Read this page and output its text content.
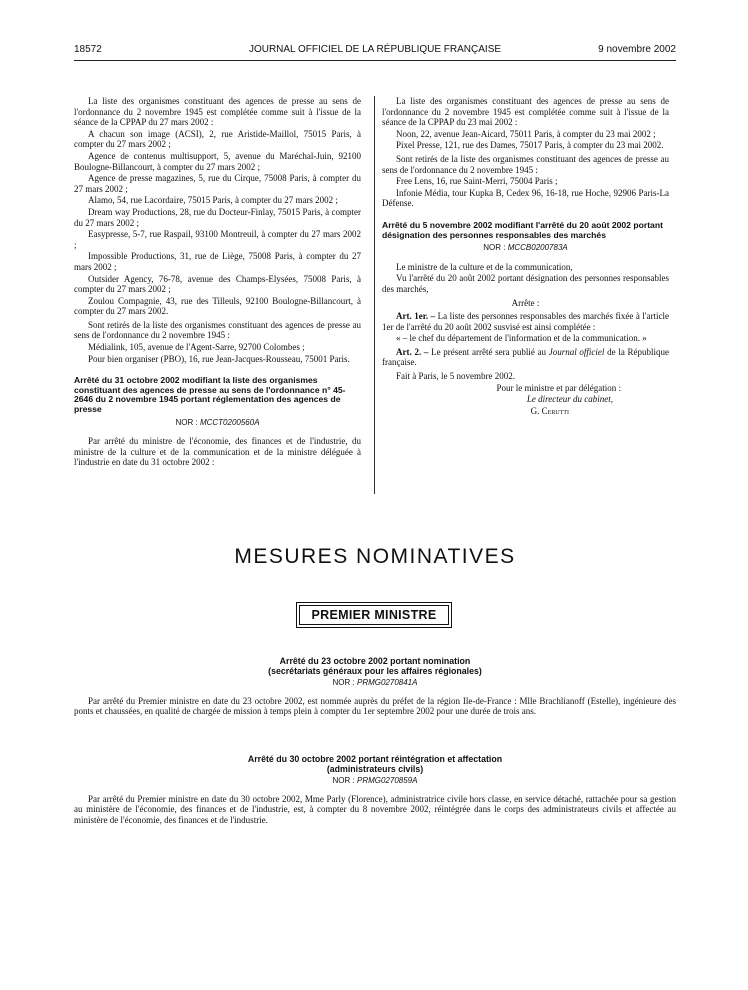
18572	JOURNAL OFFICIEL DE LA RÉPUBLIQUE FRANÇAISE	9 novembre 2002

La liste des organismes constituant des agences de presse au sens de l'ordonnance du 2 novembre 1945 est complétée comme suit à l'issue de la séance de la CPPAP du 27 mars 2002 :

A chacun son image (ACSI), 2, rue Aristide-Maillol, 75015 Paris, à compter du 27 mars 2002 ;

Agence de contenus multisupport, 5, avenue du Maréchal-Juin, 92100 Boulogne-Billancourt, à compter du 27 mars 2002 ;

Agence de presse magazines, 5, rue du Cirque, 75008 Paris, à compter du 27 mars 2002 ;

Alamo, 54, rue Lacordaire, 75015 Paris, à compter du 27 mars 2002 ;

Dream way Productions, 28, rue du Docteur-Finlay, 75015 Paris, à compter du 27 mars 2002 ;

Easypresse, 5-7, rue Raspail, 93100 Montreuil, à compter du 27 mars 2002 ;

Impossible Productions, 31, rue de Liège, 75008 Paris, à compter du 27 mars 2002 ;

Outsider Agency, 76-78, avenue des Champs-Elysées, 75008 Paris, à compter du 27 mars 2002 ;

Zoulou Compagnie, 43, rue des Tilleuls, 92100 Boulogne-Billancourt, à compter du 27 mars 2002.

Sont retirés de la liste des organismes constituant des agences de presse au sens de l'ordonnance du 2 novembre 1945 :

Médialink, 105, avenue de l'Agent-Sarre, 92700 Colombes ;

Pour bien organiser (PBO), 16, rue Jean-Jacques-Rousseau, 75001 Paris.

Arrêté du 31 octobre 2002 modifiant la liste des organismes constituant des agences de presse au sens de l'ordonnance n° 45-2646 du 2 novembre 1945 portant réglementation des agences de presse
NOR : MCCT0200560A

Par arrêté du ministre de l'économie, des finances et de l'industrie, du ministre de la culture et de la communication et de la ministre déléguée à l'industrie en date du 31 octobre 2002 :

La liste des organismes constituant des agences de presse au sens de l'ordonnance du 2 novembre 1945 est complétée comme suit à l'issue de la séance de la CPPAP du 23 mai 2002 :

Noon, 22, avenue Jean-Aicard, 75011 Paris, à compter du 23 mai 2002 ;

Pixel Presse, 121, rue des Dames, 75017 Paris, à compter du 23 mai 2002.

Sont retirés de la liste des organismes constituant des agences de presse au sens de l'ordonnance du 2 novembre 1945 :

Free Lens, 16, rue Saint-Merri, 75004 Paris ;

Infonie Média, tour Kupka B, Cedex 96, 16-18, rue Hoche, 92906 Paris-La Défense.

Arrêté du 5 novembre 2002 modifiant l'arrêté du 20 août 2002 portant désignation des personnes responsables des marchés
NOR : MCCB0200783A

Le ministre de la culture et de la communication,

Vu l'arrêté du 20 août 2002 portant désignation des personnes responsables des marchés,

Arrête :

Art. 1er. – La liste des personnes responsables des marchés fixée à l'article 1er de l'arrêté du 20 août 2002 susvisé est ainsi complétée :

« – le chef du département de l'information et de la communication. »

Art. 2. – Le présent arrêté sera publié au Journal officiel de la République française.

Fait à Paris, le 5 novembre 2002.

Pour le ministre et par délégation :

Le directeur du cabinet,

G. Cerutti

MESURES NOMINATIVES
PREMIER MINISTRE
Arrêté du 23 octobre 2002 portant nomination
(secrétariats généraux pour les affaires régionales)
NOR : PRMG0270841A

Par arrêté du Premier ministre en date du 23 octobre 2002, est nommée auprès du préfet de la région Ile-de-France : Mlle Brachlianoff (Estelle), ingénieure des ponts et chaussées, en qualité de chargée de mission à temps plein à compter du 1er septembre 2002 pour une durée de trois ans.

Arrêté du 30 octobre 2002 portant réintégration et affectation
(administrateurs civils)
NOR : PRMG0270859A

Par arrêté du Premier ministre en date du 30 octobre 2002, Mme Parly (Florence), administratrice civile hors classe, en service détaché, rattachée pour sa gestion au ministère de l'économie, des finances et de l'industrie, est, à compter du 8 novembre 2002, réintégrée dans le corps des administrateurs civils et affectée au ministère de l'économie, des finances et de l'industrie.
